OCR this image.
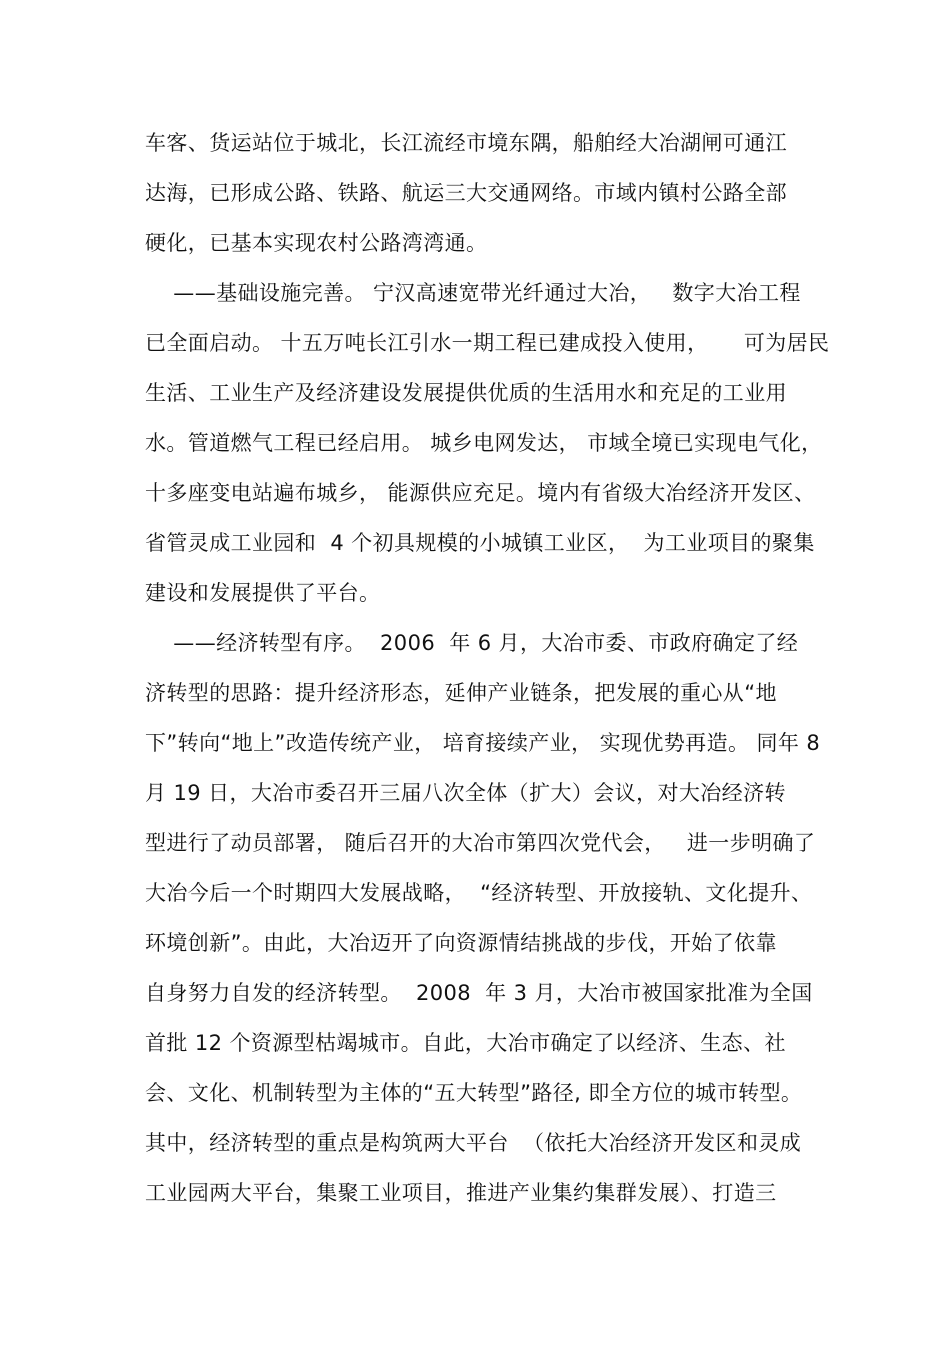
车客、货运站位于城北，长江流经市境东隅，船舶经大冶湖闸可通江

达海，已形成公路、铁路、航运三大交通网络。市域内镇村公路全部

硬化，已基本实现农村公路湾湾通。

——基础设施完善。 宁汉高速宽带光纤通过大冶，   数字大冶工程

已全面启动。 十五万吨长江引水一期工程已建成投入使用，     可为居民

生活、工业生产及经济建设发展提供优质的生活用水和充足的工业用

水。管道燃气工程已经启用。 城乡电网发达， 市域全境已实现电气化，

十多座变电站遍布城乡， 能源供应充足。境内有省级大冶经济开发区、

省管灵成工业园和  4 个初具规模的小城镇工业区，  为工业项目的聚集

建设和发展提供了平台。

——经济转型有序。  2006  年 6 月，大冶市委、市政府确定了经

济转型的思路：提升经济形态，延伸产业链条，把发展的重心从“地

下”转向“地上”改造传统产业， 培育接续产业， 实现优势再造。 同年 8

月 19 日，大冶市委召开三届八次全体（扩大）会议，对大冶经济转

型进行了动员部署， 随后召开的大冶市第四次党代会，   进一步明确了

大冶今后一个时期四大发展战略，  “经济转型、开放接轨、文化提升、

环境创新”。由此，大冶迈开了向资源情结挑战的步伐，开始了依靠

自身努力自发的经济转型。  2008  年 3 月，大冶市被国家批准为全国

首批 12 个资源型枯竭城市。自此，大冶市确定了以经济、生态、社

会、文化、机制转型为主体的“五大转型”路径, 即全方位的城市转型。

其中，经济转型的重点是构筑两大平台  （依托大冶经济开发区和灵成

工业园两大平台，集聚工业项目，推进产业集约集群发展）、打造三
